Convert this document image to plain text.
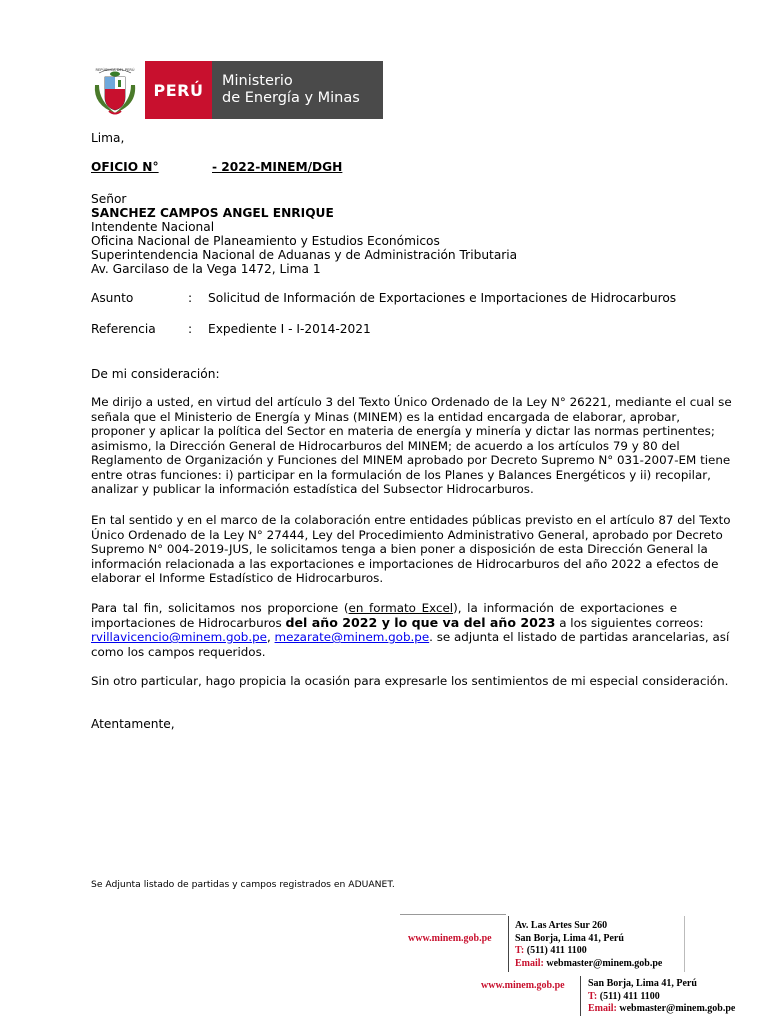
REPÚBLICA DEL PERÚ
PERÚ	Ministerio
de Energía y Minas
Lima,
OFICIO N°	- 2022-MINEM/DGH
Señor
SANCHEZ CAMPOS ANGEL ENRIQUE
Intendente Nacional
Oficina Nacional de Planeamiento y Estudios Económicos
Superintendencia Nacional de Aduanas y de Administración Tributaria
Av. Garcilaso de la Vega 1472, Lima 1
Asunto	: Solicitud de Información de Exportaciones e Importaciones de Hidrocarburos
Referencia	: Expediente I - I-2014-2021
De mi consideración:
Me dirijo a usted, en virtud del artículo 3 del Texto Único Ordenado de la Ley N° 26221, mediante el cual se
señala que el Ministerio de Energía y Minas (MINEM) es la entidad encargada de elaborar, aprobar,
proponer y aplicar la política del Sector en materia de energía y minería y dictar las normas pertinentes;
asimismo, la Dirección General de Hidrocarburos del MINEM; de acuerdo a los artículos 79 y 80 del
Reglamento de Organización y Funciones del MINEM aprobado por Decreto Supremo N° 031-2007-EM tiene
entre otras funciones: i) participar en la formulación de los Planes y Balances Energéticos y ii) recopilar,
analizar y publicar la información estadística del Subsector Hidrocarburos.
En tal sentido y en el marco de la colaboración entre entidades públicas previsto en el artículo 87 del Texto
Único Ordenado de la Ley N° 27444, Ley del Procedimiento Administrativo General, aprobado por Decreto
Supremo N° 004-2019-JUS, le solicitamos tenga a bien poner a disposición de esta Dirección General la
información relacionada a las exportaciones e importaciones de Hidrocarburos del año 2022 a efectos de
elaborar el Informe Estadístico de Hidrocarburos.
Para tal fin, solicitamos nos proporcione (en formato Excel), la información de exportaciones e
importaciones de Hidrocarburos del año 2022 y lo que va del año 2023 a los siguientes correos:
rvillavicencio@minem.gob.pe, mezarate@minem.gob.pe. se adjunta el listado de partidas arancelarias, así
como los campos requeridos.
Sin otro particular, hago propicia la ocasión para expresarle los sentimientos de mi especial consideración.
Atentamente,
Se Adjunta listado de partidas y campos registrados en ADUANET.
www.minem.gob.pe
Av. Las Artes Sur 260
San Borja, Lima 41, Perú
T: (511) 411 1100
Email: webmaster@minem.gob.pe
www.minem.gob.pe San Borja, Lima 41, Perú
T: (511) 411 1100
Email: webmaster@minem.gob.pe
